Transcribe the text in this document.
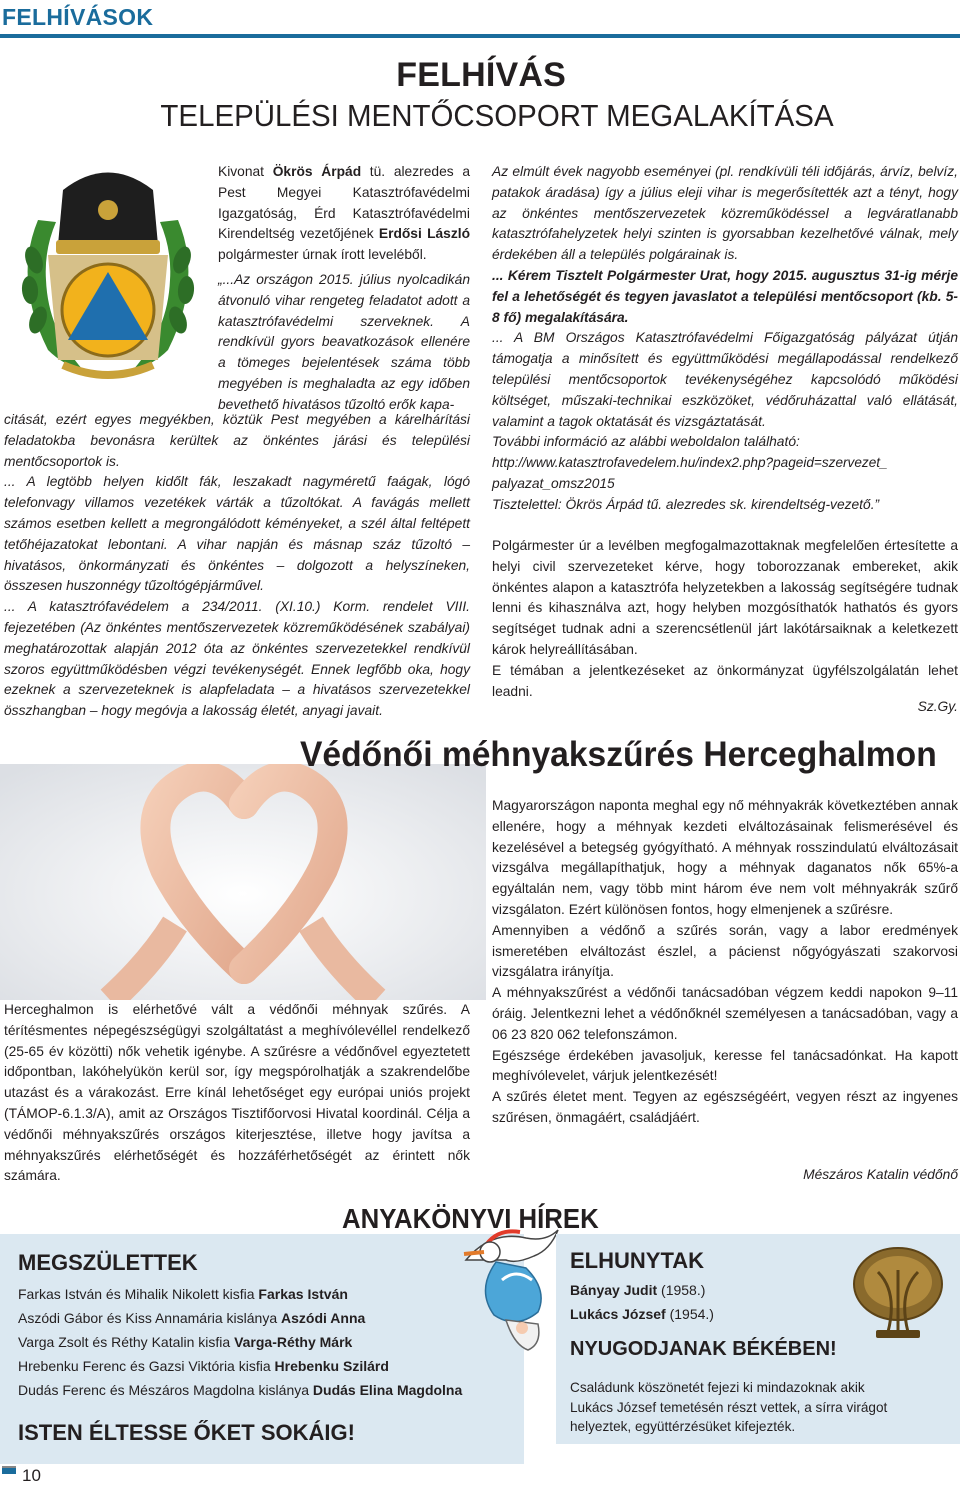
FELHÍVÁSOK
FELHÍVÁS
TELEPÜLÉSI MENTŐCSOPORT MEGALAKÍTÁSA
Kivonat Ökrös Árpád tü. alezredes a Pest Megyei Katasztrófavédelmi Igazgatóság, Érd Katasztrófavédelmi Kirendeltség vezetőjének Erdősi László polgármester úrnak írott leveléből.
„...Az országon 2015. július nyolcadikán átvonuló vihar rengeteg feladatot adott a katasztrófavédelmi szerveknek. A rendkívül gyors beavatkozások ellenére a tömeges bejelentések száma több megyében is meghaladta az egy időben bevethető hivatásos tűzoltó erők kapa-
citását, ezért egyes megyékben, köztük Pest megyében a kárelhárítási feladatokba bevonásra kerültek az önkéntes járási és települési mentőcsoportok is.
... A legtöbb helyen kidőlt fák, leszakadt nagyméretű faágak, lógó telefonvagy villamos vezetékek várták a tűzoltókat. A favágás mellett számos esetben kellett a megrongálódott kéményeket, a szél által feltépett tetőhéjazatokat lebontani. A vihar napján és másnap száz tűzoltó – hivatásos, önkormányzati és önkéntes – dolgozott a helyszíneken, összesen huszonnégy tűzoltógépjárművel.
... A katasztrófavédelem a 234/2011. (XI.10.) Korm. rendelet VIII. fejezetében (Az önkéntes mentőszervezetek közreműködésének szabályai) meghatározottak alapján 2012 óta az önkéntes szervezetekkel rendkívül szoros együttműködésben végzi tevékenységét. Ennek legfőbb oka, hogy ezeknek a szervezeteknek is alapfeladata – a hivatásos szervezetekkel összhangban – hogy megóvja a lakosság életét, anyagi javait.
Az elmúlt évek nagyobb eseményei (pl. rendkívüli téli időjárás, árvíz, belvíz, patakok áradása) így a július eleji vihar is megerősítették azt a tényt, hogy az önkéntes mentőszervezetek közreműködéssel a legváratlanabb katasztrófahelyzetek helyi szinten is gyorsabban kezelhetővé válnak, mely érdekében áll a település polgárainak is.
... Kérem Tisztelt Polgármester Urat, hogy 2015. augusztus 31-ig mérje fel a lehetőségét és tegyen javaslatot a települési mentőcsoport (kb. 5-8 fő) megalakítására.
... A BM Országos Katasztrófavédelmi Főigazgatóság pályázat útján támogatja a minősített és együttműködési megállapodással rendelkező települési mentőcsoportok tevékenységéhez kapcsolódó működési költséget, műszaki-technikai eszközöket, védőruházattal való ellátását, valamint a tagok oktatását és vizsgáztatását.
További információ az alábbi weboldalon található:
http://www.katasztrofavedelem.hu/index2.php?pageid=szervezet_
palyazat_omsz2015
Tisztelettel: Ökrös Árpád tű. alezredes sk. kirendeltség-vezető.”
Polgármester úr a levélben megfogalmazottaknak megfelelően értesítette a helyi civil szervezeteket kérve, hogy toborozzanak embereket, akik önkéntes alapon a katasztrófa helyzetekben a lakosság segítségére tudnak lenni és kihasználva azt, hogy helyben mozgósíthatók hathatós és gyors segítséget tudnak adni a szerencsétlenül járt lakótársaiknak a keletkezett károk helyreállításában.
E témában a jelentkezéseket az önkormányzat ügyfélszolgálatán lehet leadni.
Sz.Gy.
Védőnői méhnyakszűrés Herceghalmon
Herceghalmon is elérhetővé vált a védőnői méhnyak szűrés. A térítésmentes népegészségügyi szolgáltatást a meghívólevéllel rendelkező (25-65 év közötti) nők vehetik igénybe. A szűrésre a védőnővel egyeztetett időpontban, lakóhelyükön kerül sor, így megspórolhatják a szakrendelőbe utazást és a várakozást. Erre kínál lehetőséget egy európai uniós projekt (TÁMOP-6.1.3/A), amit az Országos Tisztifőorvosi Hivatal koordinál. Célja a védőnői méhnyakszűrés országos kiterjesztése, illetve hogy javítsa a méhnyakszűrés elérhetőségét és hozzáférhetőségét az érintett nők számára.
Magyarországon naponta meghal egy nő méhnyakrák következtében annak ellenére, hogy a méhnyak kezdeti elváltozásainak felismerésével és kezelésével a betegség gyógyítható. A méhnyak rosszindulatú elváltozásait vizsgálva megállapíthatjuk, hogy a méhnyak daganatos nők 65%-a egyáltalán nem, vagy több mint három éve nem volt méhnyakrák szűrő vizsgálaton. Ezért különösen fontos, hogy elmenjenek a szűrésre.
Amennyiben a védőnő a szűrés során, vagy a labor eredmények ismeretében elváltozást észlel, a pácienst nőgyógyászati szakorvosi vizsgálatra irányítja.
A méhnyakszűrést a védőnői tanácsadóban végzem keddi napokon 9–11 óráig. Jelentkezni lehet a védőnőknél személyesen a tanácsadóban, vagy a 06 23 820 062 telefonszámon.
Egészsége érdekében javasoljuk, keresse fel tanácsadónkat. Ha kapott meghívólevelet, várjuk jelentkezését!
A szűrés életet ment. Tegyen az egészségéért, vegyen részt az ingyenes szűrésen, önmagáért, családjáért.
Mészáros Katalin védőnő
ANYAKÖNYVI HÍREK
MEGSZÜLETTEK
Farkas István és Mihalik Nikolett kisfia Farkas István
Aszódi Gábor és Kiss Annamária kislánya Aszódi Anna
Varga Zsolt és Réthy Katalin kisfia Varga-Réthy Márk
Hrebenku Ferenc és Gazsi Viktória kisfia Hrebenku Szilárd
Dudás Ferenc és Mészáros Magdolna kislánya Dudás Elina Magdolna
ISTEN ÉLTESSE ŐKET SOKÁIG!
ELHUNYTAK
Bányay Judit (1958.)
Lukács József (1954.)
NYUGODJANAK BÉKÉBEN!
Családunk köszönetét fejezi ki mindazoknak akik Lukács József temetésén részt vettek, a sírra virágot helyeztek, együttérzésüket kifejezték.
10
